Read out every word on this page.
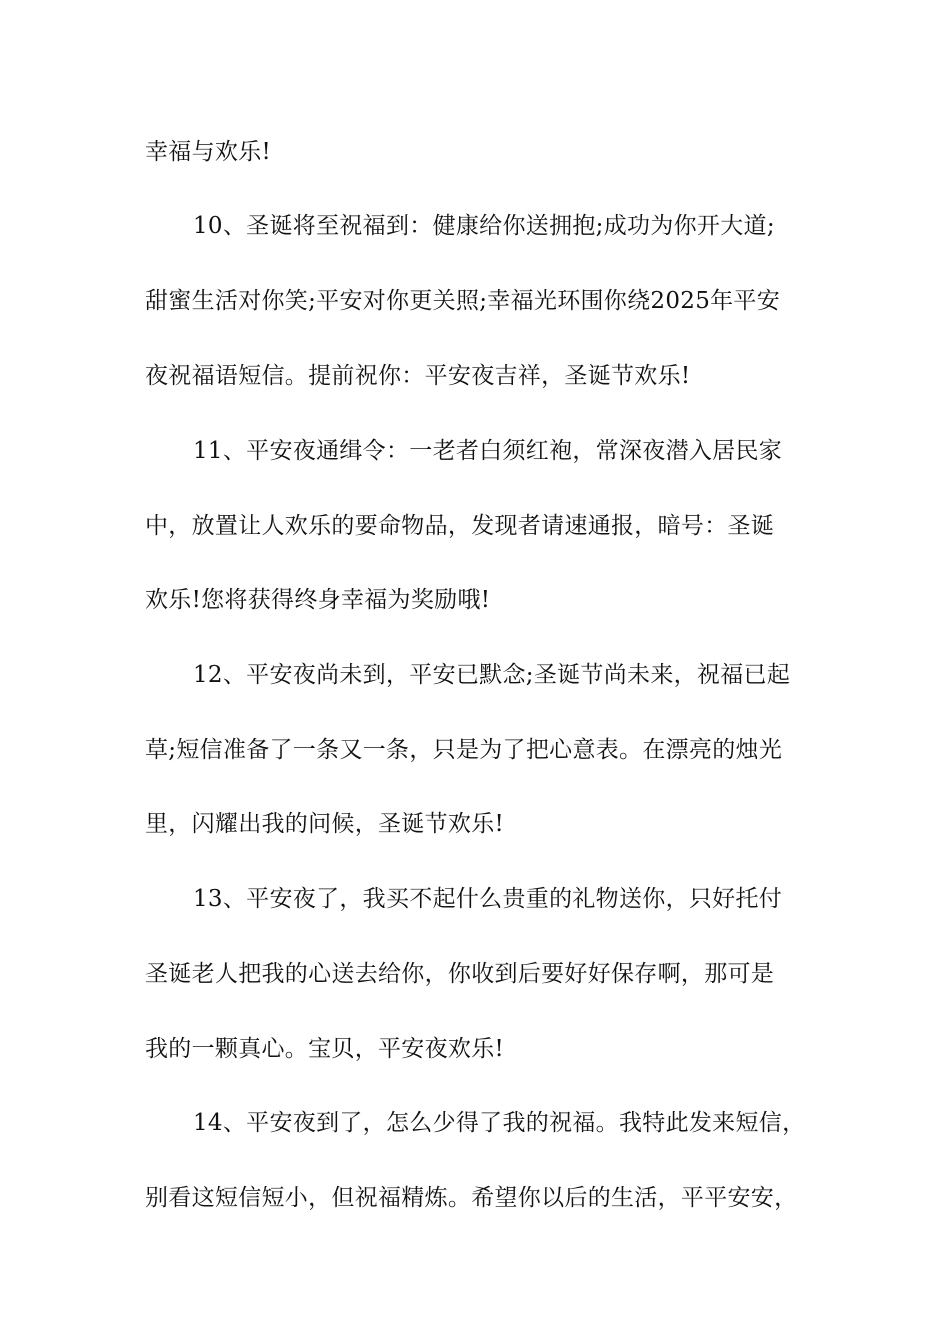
幸福与欢乐!
10、圣诞将至祝福到：健康给你送拥抱;成功为你开大道;
甜蜜生活对你笑;平安对你更关照;幸福光环围你绕2025年平安
夜祝福语短信。提前祝你：平安夜吉祥，圣诞节欢乐!
11、平安夜通缉令：一老者白须红袍，常深夜潜入居民家
中，放置让人欢乐的要命物品，发现者请速通报，暗号：圣诞
欢乐!您将获得终身幸福为奖励哦!
12、平安夜尚未到，平安已默念;圣诞节尚未来，祝福已起
草;短信准备了一条又一条，只是为了把心意表。在漂亮的烛光
里，闪耀出我的问候，圣诞节欢乐!
13、平安夜了，我买不起什么贵重的礼物送你，只好托付
圣诞老人把我的心送去给你，你收到后要好好保存啊，那可是
我的一颗真心。宝贝，平安夜欢乐!
14、平安夜到了，怎么少得了我的祝福。我特此发来短信，
别看这短信短小，但祝福精炼。希望你以后的生活，平平安安，
